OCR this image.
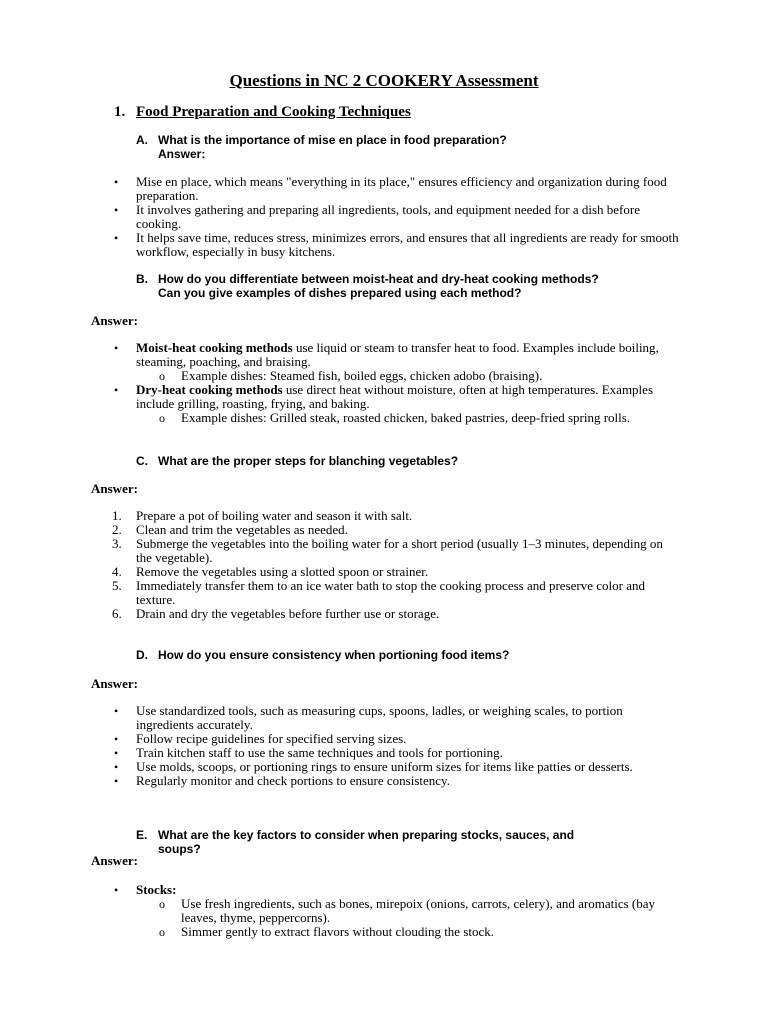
Questions in NC 2 COOKERY Assessment
1. Food Preparation and Cooking Techniques
A. What is the importance of mise en place in food preparation?
Answer:
• Mise en place, which means "everything in its place," ensures efficiency and organization during food preparation.
• It involves gathering and preparing all ingredients, tools, and equipment needed for a dish before cooking.
• It helps save time, reduces stress, minimizes errors, and ensures that all ingredients are ready for smooth workflow, especially in busy kitchens.
B. How do you differentiate between moist-heat and dry-heat cooking methods?
Can you give examples of dishes prepared using each method?
Answer:
• Moist-heat cooking methods use liquid or steam to transfer heat to food. Examples include boiling, steaming, poaching, and braising.
o Example dishes: Steamed fish, boiled eggs, chicken adobo (braising).
• Dry-heat cooking methods use direct heat without moisture, often at high temperatures. Examples include grilling, roasting, frying, and baking.
o Example dishes: Grilled steak, roasted chicken, baked pastries, deep-fried spring rolls.
C. What are the proper steps for blanching vegetables?
Answer:
1. Prepare a pot of boiling water and season it with salt.
2. Clean and trim the vegetables as needed.
3. Submerge the vegetables into the boiling water for a short period (usually 1–3 minutes, depending on the vegetable).
4. Remove the vegetables using a slotted spoon or strainer.
5. Immediately transfer them to an ice water bath to stop the cooking process and preserve color and texture.
6. Drain and dry the vegetables before further use or storage.
D. How do you ensure consistency when portioning food items?
Answer:
• Use standardized tools, such as measuring cups, spoons, ladles, or weighing scales, to portion ingredients accurately.
• Follow recipe guidelines for specified serving sizes.
• Train kitchen staff to use the same techniques and tools for portioning.
• Use molds, scoops, or portioning rings to ensure uniform sizes for items like patties or desserts.
• Regularly monitor and check portions to ensure consistency.
E. What are the key factors to consider when preparing stocks, sauces, and
soups?
Answer:
• Stocks:
o Use fresh ingredients, such as bones, mirepoix (onions, carrots, celery), and aromatics (bay leaves, thyme, peppercorns).
o Simmer gently to extract flavors without clouding the stock.
